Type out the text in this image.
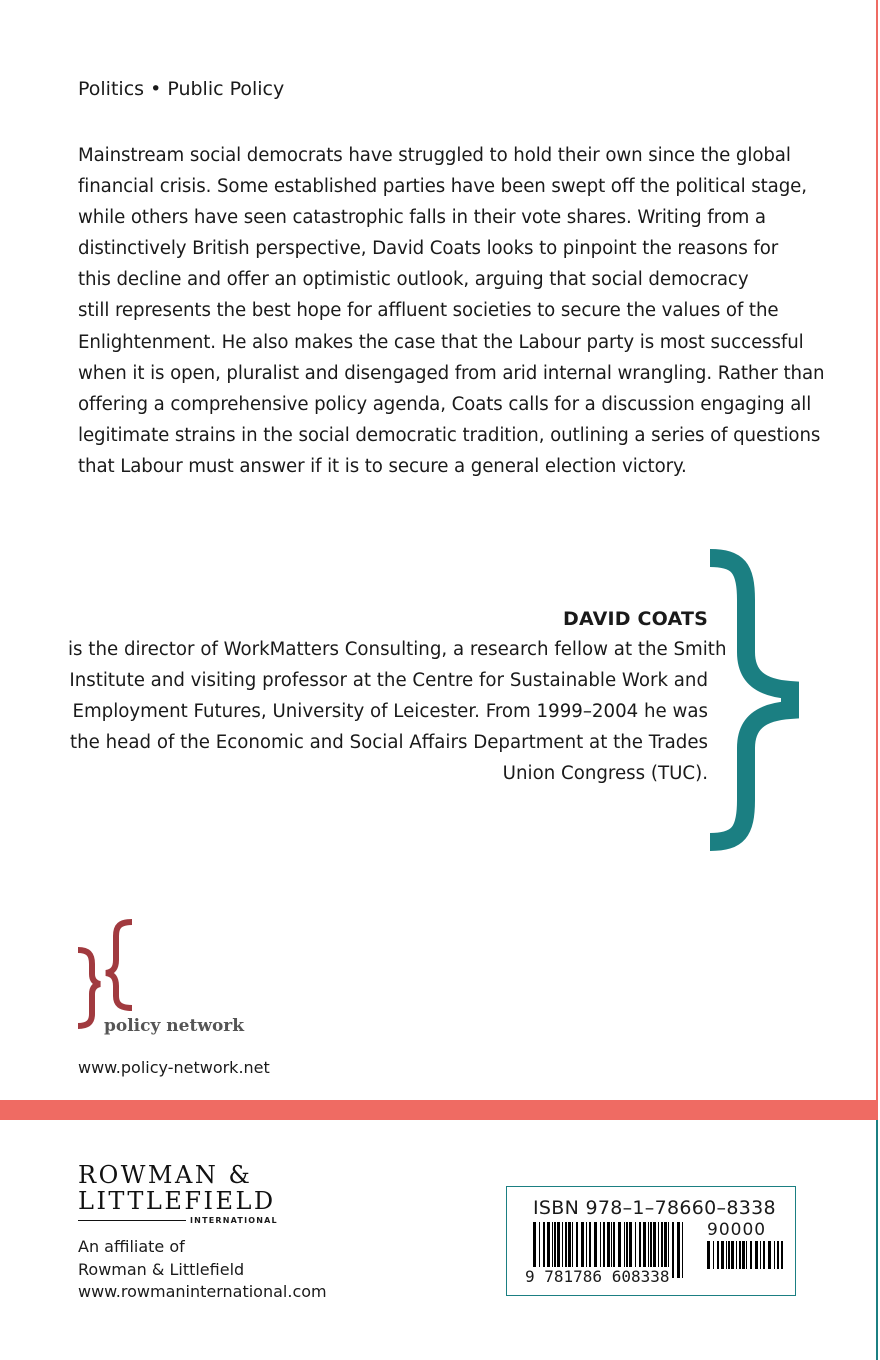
Politics • Public Policy
Mainstream social democrats have struggled to hold their own since the global
financial crisis. Some established parties have been swept off the political stage,
while others have seen catastrophic falls in their vote shares. Writing from a
distinctively British perspective, David Coats looks to pinpoint the reasons for
this decline and offer an optimistic outlook, arguing that social democracy
still represents the best hope for affluent societies to secure the values of the
Enlightenment. He also makes the case that the Labour party is most successful
when it is open, pluralist and disengaged from arid internal wrangling. Rather than
offering a comprehensive policy agenda, Coats calls for a discussion engaging all
legitimate strains in the social democratic tradition, outlining a series of questions
that Labour must answer if it is to secure a general election victory.
DAVID COATS
is the director of WorkMatters Consulting, a research fellow at the Smith
Institute and visiting professor at the Centre for Sustainable Work and
Employment Futures, University of Leicester. From 1999–2004 he was
the head of the Economic and Social Affairs Department at the Trades
Union Congress (TUC).
policy network
www.policy-network.net
ROWMAN &
LITTLEFIELD
INTERNATIONAL
An affiliate of
Rowman & Littlefield
www.rowmaninternational.com
ISBN 978–1–78660–8338
90000
9 781786 608338
